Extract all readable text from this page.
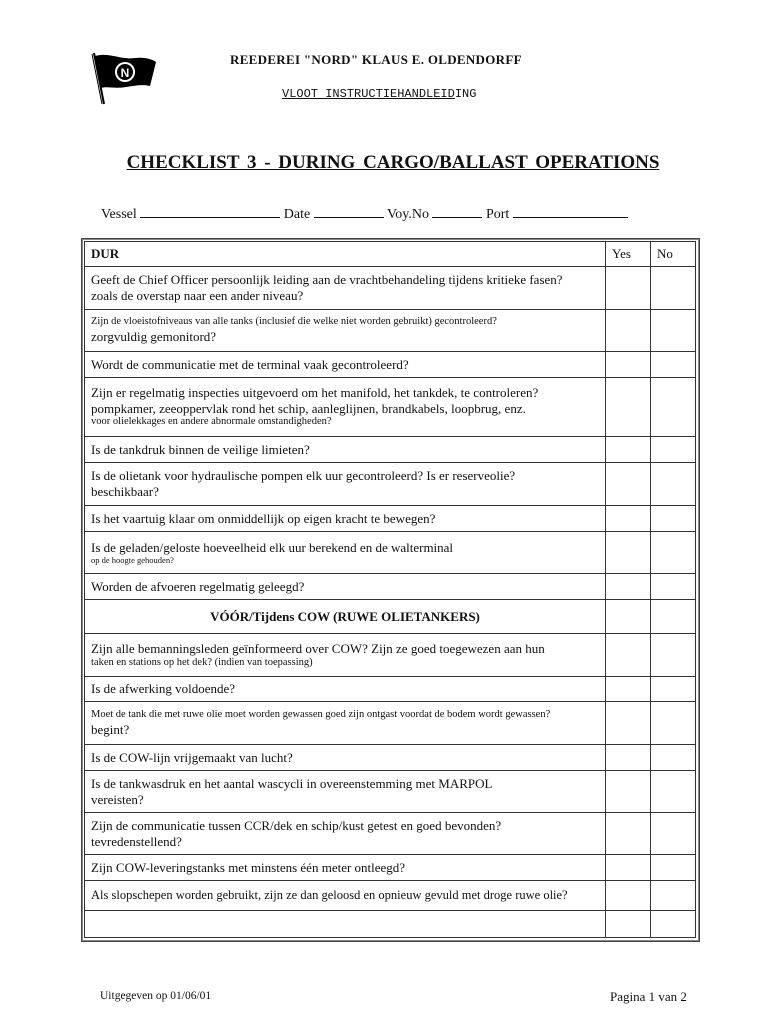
N
REEDEREI "NORD" KLAUS E. OLDENDORFF
VLOOT INSTRUCTIEHANDLEIDING
CHECKLIST 3 - DURING CARGO/BALLAST OPERATIONS
Vessel	Date	Voy.No	Port
DUR	Yes	No

Geeft de Chief Officer persoonlijk leiding aan de vrachtbehandeling tijdens kritieke fasen?
zoals de overstap naar een ander niveau?		

Zijn de vloeistofniveaus van alle tanks (inclusief die welke niet worden gebruikt) gecontroleerd?
zorgvuldig gemonitord?		

Wordt de communicatie met de terminal vaak gecontroleerd?		

Zijn er regelmatig inspecties uitgevoerd om het manifold, het tankdek, te controleren?
pompkamer, zeeoppervlak rond het schip, aanleglijnen, brandkabels, loopbrug, enz.
voor olielekkages en andere abnormale omstandigheden?		

Is de tankdruk binnen de veilige limieten?		

Is de olietank voor hydraulische pompen elk uur gecontroleerd? Is er reserveolie?
beschikbaar?		

Is het vaartuig klaar om onmiddellijk op eigen kracht te bewegen?		

Is de geladen/geloste hoeveelheid elk uur berekend en de walterminal
op de hoogte gehouden?		

Worden de afvoeren regelmatig geleegd?		

VÓÓR/Tijdens COW (RUWE OLIETANKERS)		

Zijn alle bemanningsleden geïnformeerd over COW? Zijn ze goed toegewezen aan hun
taken en stations op het dek? (indien van toepassing)		

Is de afwerking voldoende?		

Moet de tank die met ruwe olie moet worden gewassen goed zijn ontgast voordat de bodem wordt gewassen?
begint?		

Is de COW-lijn vrijgemaakt van lucht?		

Is de tankwasdruk en het aantal wascycli in overeenstemming met MARPOL
vereisten?		

Zijn de communicatie tussen CCR/dek en schip/kust getest en goed bevonden?
tevredenstellend?		

Zijn COW-leveringstanks met minstens één meter ontleegd?		

Als slopschepen worden gebruikt, zijn ze dan geloosd en opnieuw gevuld met droge ruwe olie?		

Uitgegeven op 01/06/01	Pagina 1 van 2
